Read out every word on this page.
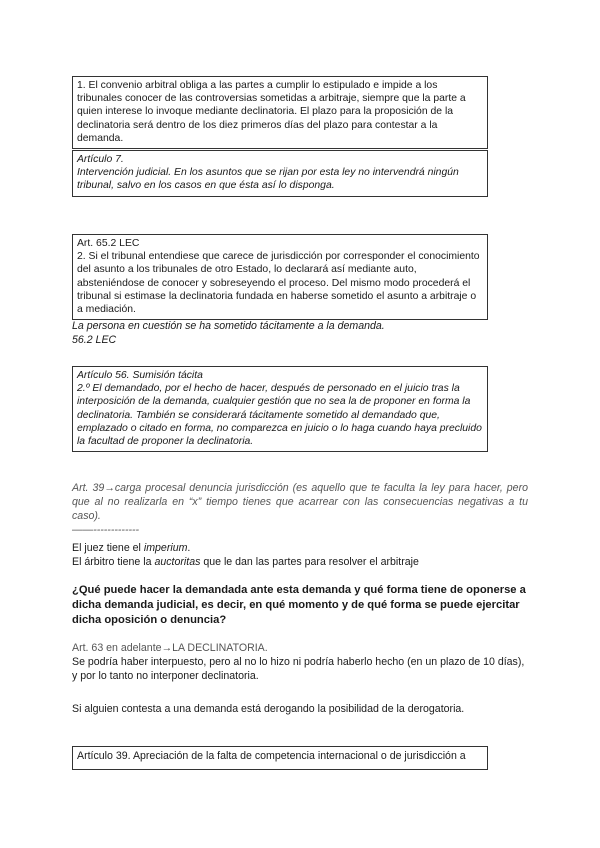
1. El convenio arbitral obliga a las partes a cumplir lo estipulado e impide a los tribunales conocer de las controversias sometidas a arbitraje, siempre que la parte a quien interese lo invoque mediante declinatoria. El plazo para la proposición de la declinatoria será dentro de los diez primeros días del plazo para contestar a la demanda.

Artículo 7.

Intervención judicial. En los asuntos que se rijan por esta ley no intervendrá ningún tribunal, salvo en los casos en que ésta así lo disponga.

Art. 65.2 LEC

2. Si el tribunal entendiese que carece de jurisdicción por corresponder el conocimiento del asunto a los tribunales de otro Estado, lo declarará así mediante auto, absteniéndose de conocer y sobreseyendo el proceso. Del mismo modo procederá el tribunal si estimase la declinatoria fundada en haberse sometido el asunto a arbitraje o a mediación.

La persona en cuestión se ha sometido tácitamente a la demanda.
56.2 LEC

Artículo 56. Sumisión tácita

2.º El demandado, por el hecho de hacer, después de personado en el juicio tras la interposición de la demanda, cualquier gestión que no sea la de proponer en forma la declinatoria. También se considerará tácitamente sometido al demandado que, emplazado o citado en forma, no comparezca en juicio o lo haga cuando haya precluido la facultad de proponer la declinatoria.

Art. 39→carga procesal denuncia jurisdicción (es aquello que te faculta la ley para hacer, pero que al no realizarla en “x” tiempo tienes que acarrear con las consecuencias negativas a tu caso).
——-------------

El juez tiene el imperium.

El árbitro tiene la auctoritas que le dan las partes para resolver el arbitraje

¿Qué puede hacer la demandada ante esta demanda y qué forma tiene de oponerse a dicha demanda judicial, es decir, en qué momento y de qué forma se puede ejercitar dicha oposición o denuncia?

Art. 63 en adelante→LA DECLINATORIA.
Se podría haber interpuesto, pero al no lo hizo ni podría haberlo hecho (en un plazo de 10 días), y por lo tanto no interponer declinatoria.

Si alguien contesta a una demanda está derogando la posibilidad de la derogatoria.

Artículo 39. Apreciación de la falta de competencia internacional o de jurisdicción a
